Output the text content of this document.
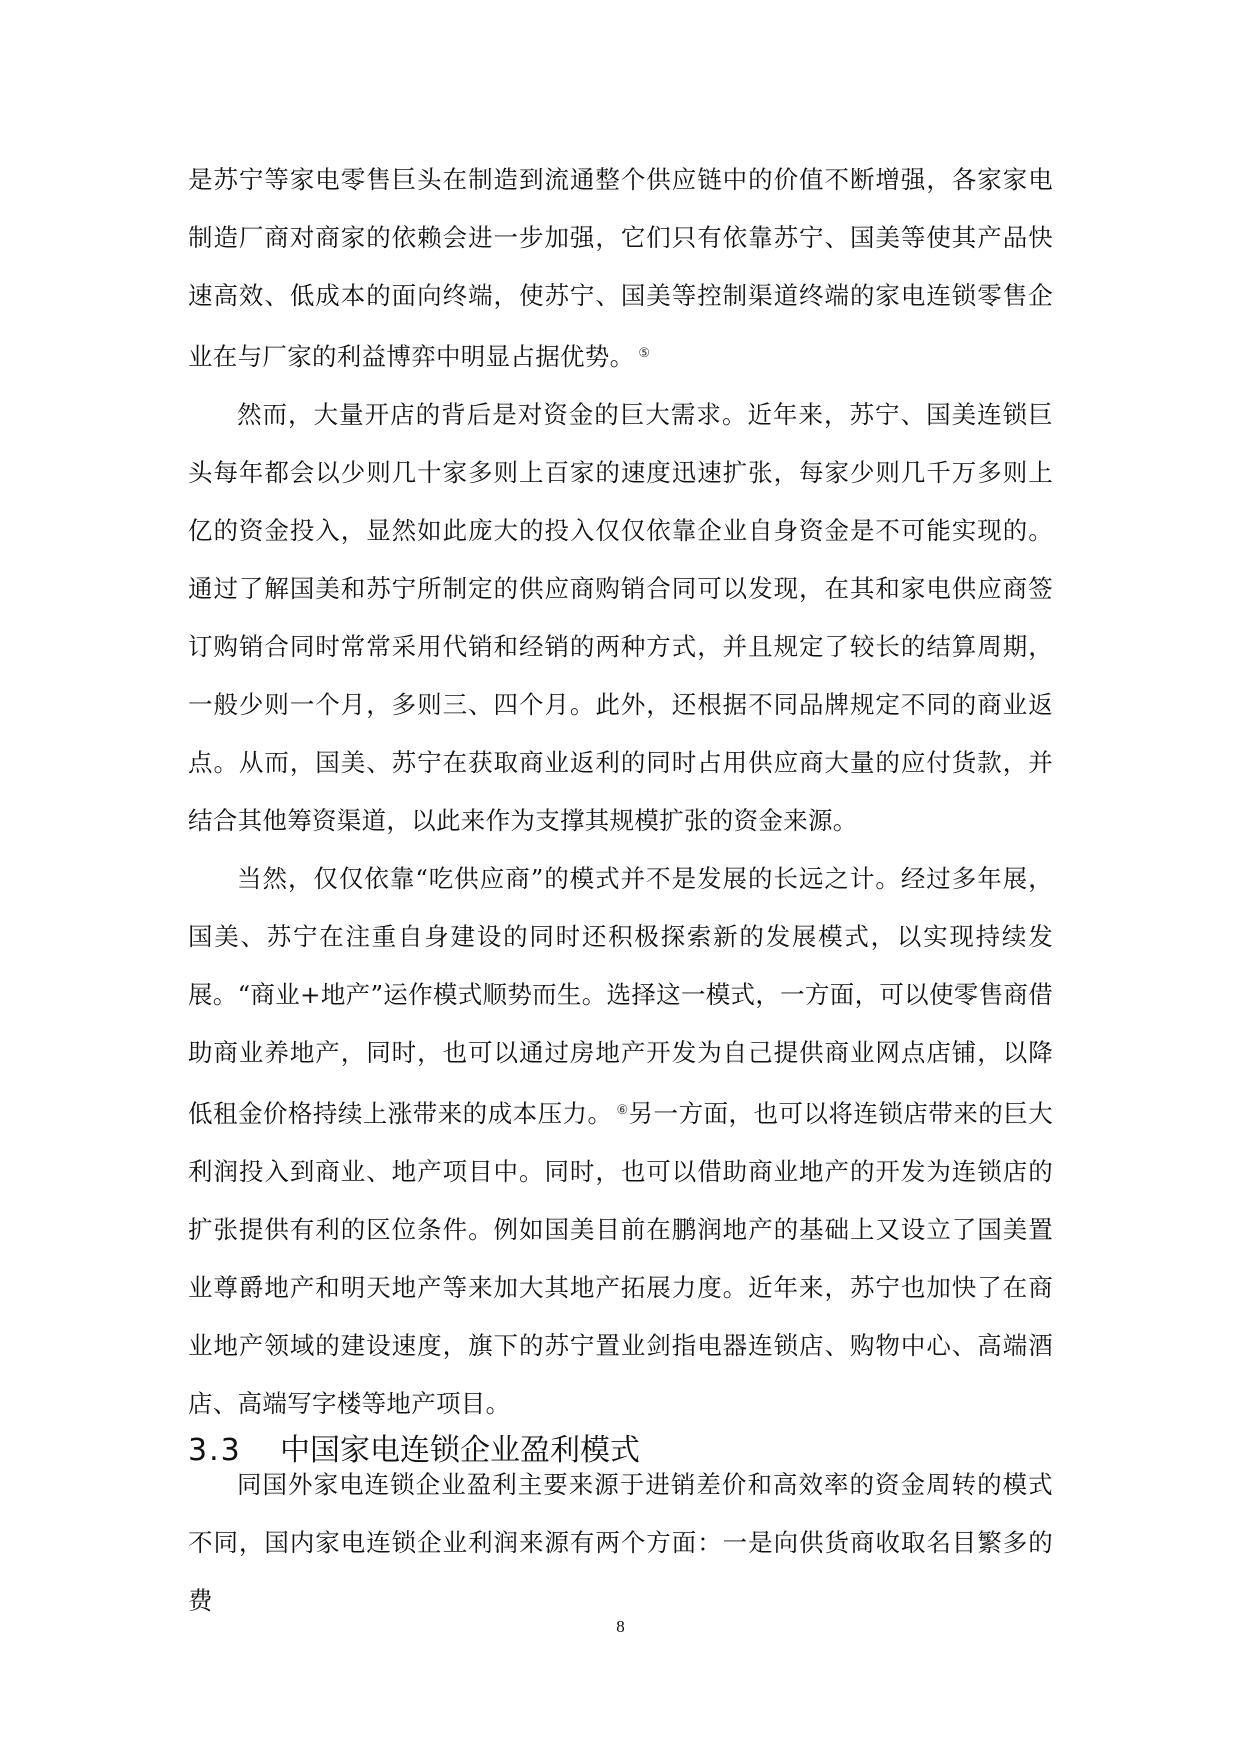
是苏宁等家电零售巨头在制造到流通整个供应链中的价值不断增强，各家家电制造厂商对商家的依赖会进一步加强，它们只有依靠苏宁、国美等使其产品快速高效、低成本的面向终端，使苏宁、国美等控制渠道终端的家电连锁零售企业在与厂家的利益博弈中明显占据优势。 ⑤

然而，大量开店的背后是对资金的巨大需求。近年来，苏宁、国美连锁巨头每年都会以少则几十家多则上百家的速度迅速扩张，每家少则几千万多则上亿的资金投入，显然如此庞大的投入仅仅依靠企业自身资金是不可能实现的。通过了解国美和苏宁所制定的供应商购销合同可以发现，在其和家电供应商签订购销合同时常常采用代销和经销的两种方式，并且规定了较长的结算周期，一般少则一个月，多则三、四个月。此外，还根据不同品牌规定不同的商业返点。从而，国美、苏宁在获取商业返利的同时占用供应商大量的应付货款，并结合其他筹资渠道，以此来作为支撑其规模扩张的资金来源。

当然，仅仅依靠“吃供应商”的模式并不是发展的长远之计。经过多年展，国美、苏宁在注重自身建设的同时还积极探索新的发展模式，以实现持续发展。“商业+地产”运作模式顺势而生。选择这一模式，一方面，可以使零售商借助商业养地产，同时，也可以通过房地产开发为自己提供商业网点店铺，以降低租金价格持续上涨带来的成本压力。 ⑥另一方面，也可以将连锁店带来的巨大利润投入到商业、地产项目中。同时，也可以借助商业地产的开发为连锁店的扩张提供有利的区位条件。例如国美目前在鹏润地产的基础上又设立了国美置业尊爵地产和明天地产等来加大其地产拓展力度。近年来，苏宁也加快了在商业地产领域的建设速度，旗下的苏宁置业剑指电器连锁店、购物中心、高端酒店、高端写字楼等地产项目。

3.3 中国家电连锁企业盈利模式

同国外家电连锁企业盈利主要来源于进销差价和高效率的资金周转的模式不同，国内家电连锁企业利润来源有两个方面：一是向供货商收取名目繁多的费

8
